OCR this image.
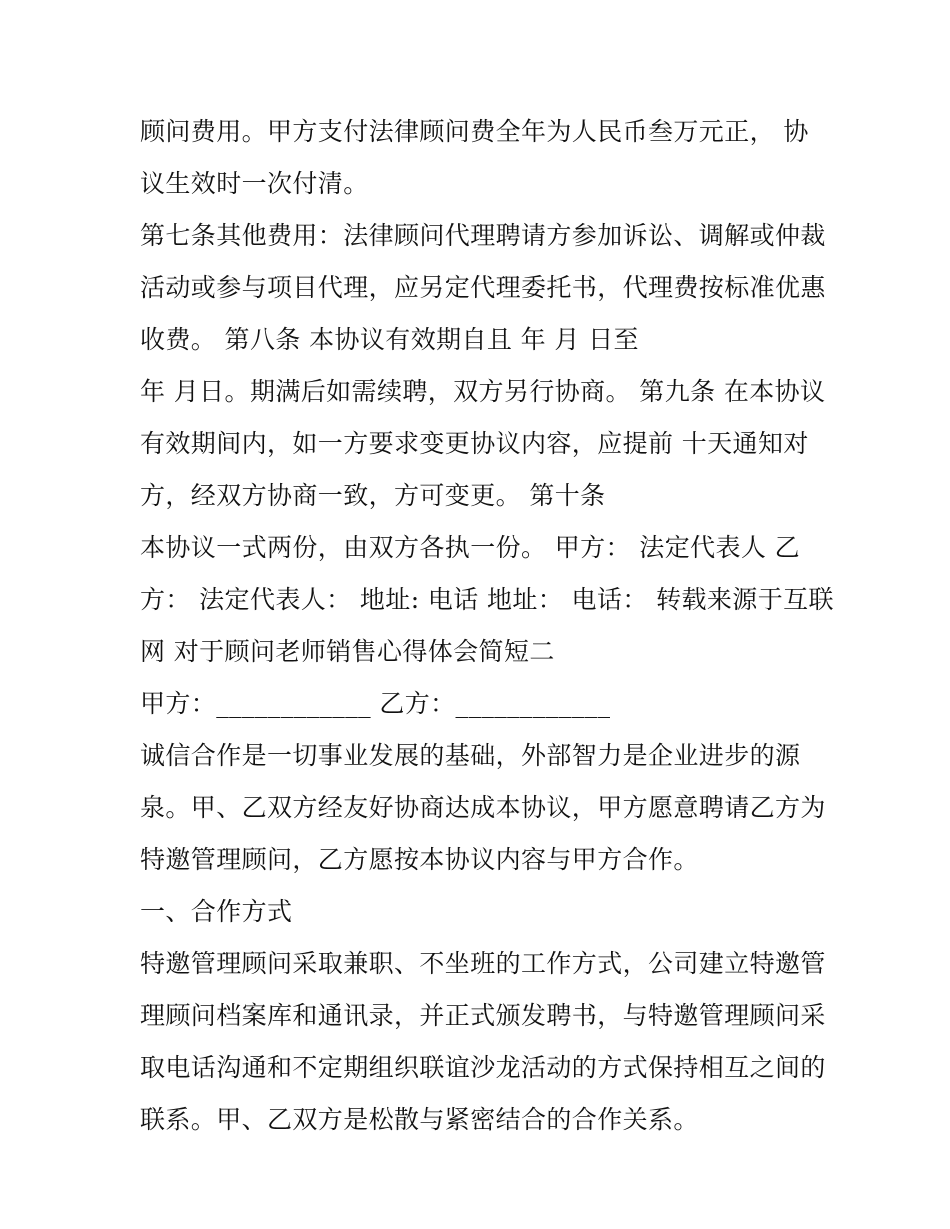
顾问费用。甲方支付法律顾问费全年为人民币叁万元正， 协
议生效时一次付清。
第七条其他费用：法律顾问代理聘请方参加诉讼、调解或仲裁
活动或参与项目代理，应另定代理委托书，代理费按标准优惠
收费。 第八条 本协议有效期自且 年 月 日至
年 月日。期满后如需续聘，双方另行协商。 第九条 在本协议
有效期间内，如一方要求变更协议内容，应提前 十天通知对
方，经双方协商一致，方可变更。 第十条
本协议一式两份，由双方各执一份。 甲方： 法定代表人 乙
方： 法定代表人： 地址: 电话 地址： 电话： 转载来源于互联
网 对于顾问老师销售心得体会简短二
甲方：____________ 乙方：____________
诚信合作是一切事业发展的基础，外部智力是企业进步的源
泉。甲、乙双方经友好协商达成本协议，甲方愿意聘请乙方为
特邀管理顾问，乙方愿按本协议内容与甲方合作。
一、合作方式
特邀管理顾问采取兼职、不坐班的工作方式，公司建立特邀管
理顾问档案库和通讯录，并正式颁发聘书，与特邀管理顾问采
取电话沟通和不定期组织联谊沙龙活动的方式保持相互之间的
联系。甲、乙双方是松散与紧密结合的合作关系。
